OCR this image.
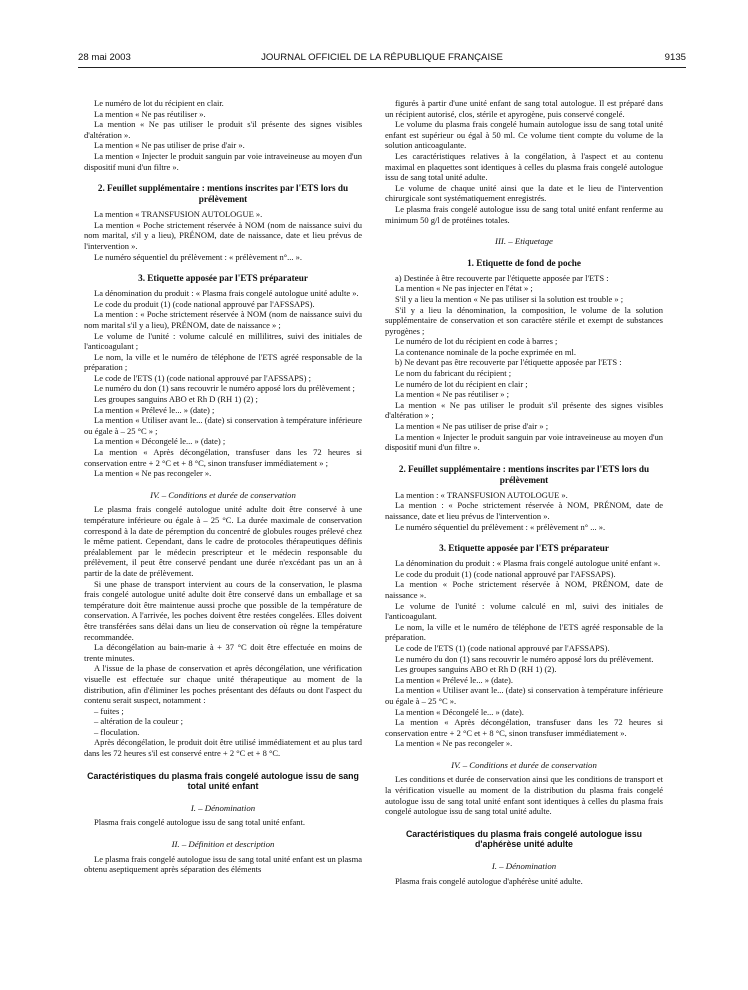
28 mai 2003	JOURNAL OFFICIEL DE LA RÉPUBLIQUE FRANÇAISE	9135

Le numéro de lot du récipient en clair.

La mention « Ne pas réutiliser ».

La mention « Ne pas utiliser le produit s'il présente des signes visibles d'altération ».

La mention « Ne pas utiliser de prise d'air ».

La mention « Injecter le produit sanguin par voie intraveineuse au moyen d'un dispositif muni d'un filtre ».

2. Feuillet supplémentaire : mentions inscrites par l'ETS lors du prélèvement

La mention « TRANSFUSION AUTOLOGUE ».

La mention « Poche strictement réservée à NOM (nom de naissance suivi du nom marital, s'il y a lieu), PRÉNOM, date de naissance, date et lieu prévus de l'intervention ».

Le numéro séquentiel du prélèvement : « prélèvement n°... ».

3. Etiquette apposée par l'ETS préparateur

La dénomination du produit : « Plasma frais congelé autologue unité adulte ».

Le code du produit (1) (code national approuvé par l'AFSSAPS).

La mention : « Poche strictement réservée à NOM (nom de naissance suivi du nom marital s'il y a lieu), PRÉNOM, date de naissance » ;

Le volume de l'unité : volume calculé en millilitres, suivi des initiales de l'anticoagulant ;

Le nom, la ville et le numéro de téléphone de l'ETS agréé responsable de la préparation ;

Le code de l'ETS (1) (code national approuvé par l'AFSSAPS) ;

Le numéro du don (1) sans recouvrir le numéro apposé lors du prélèvement ;

Les groupes sanguins ABO et Rh D (RH 1) (2) ;

La mention « Prélevé le... » (date) ;

La mention « Utiliser avant le... (date) si conservation à température inférieure ou égale à – 25 °C » ;

La mention « Décongelé le... » (date) ;

La mention « Après décongélation, transfuser dans les 72 heures si conservation entre + 2 °C et + 8 °C, sinon transfuser immédiatement » ;

La mention « Ne pas recongeler ».

IV. – Conditions et durée de conservation

Le plasma frais congelé autologue unité adulte doit être conservé à une température inférieure ou égale à – 25 °C. La durée maximale de conservation correspond à la date de péremption du concentré de globules rouges prélevé chez le même patient. Cependant, dans le cadre de protocoles thérapeutiques définis préalablement par le médecin prescripteur et le médecin responsable du prélèvement, il peut être conservé pendant une durée n'excédant pas un an à partir de la date de prélèvement.

Si une phase de transport intervient au cours de la conservation, le plasma frais congelé autologue unité adulte doit être conservé dans un emballage et sa température doit être maintenue aussi proche que possible de la température de conservation. A l'arrivée, les poches doivent être restées congelées. Elles doivent être transférées sans délai dans un lieu de conservation où règne la température recommandée.

La décongélation au bain-marie à + 37 °C doit être effectuée en moins de trente minutes.

A l'issue de la phase de conservation et après décongélation, une vérification visuelle est effectuée sur chaque unité thérapeutique au moment de la distribution, afin d'éliminer les poches présentant des défauts ou dont l'aspect du contenu serait suspect, notamment :

– fuites ;
– altération de la couleur ;
– floculation.

Après décongélation, le produit doit être utilisé immédiatement et au plus tard dans les 72 heures s'il est conservé entre + 2 °C et + 8 °C.

Caractéristiques du plasma frais congelé autologue issu de sang total unité enfant
I. – Dénomination

Plasma frais congelé autologue issu de sang total unité enfant.

II. – Définition et description

Le plasma frais congelé autologue issu de sang total unité enfant est un plasma obtenu aseptiquement après séparation des éléments

figurés à partir d'une unité enfant de sang total autologue. Il est préparé dans un récipient autorisé, clos, stérile et apyrogène, puis conservé congelé.

Le volume du plasma frais congelé humain autologue issu de sang total unité enfant est supérieur ou égal à 50 ml. Ce volume tient compte du volume de la solution anticoagulante.

Les caractéristiques relatives à la congélation, à l'aspect et au contenu maximal en plaquettes sont identiques à celles du plasma frais congelé autologue issu de sang total unité adulte.

Le volume de chaque unité ainsi que la date et le lieu de l'intervention chirurgicale sont systématiquement enregistrés.

Le plasma frais congelé autologue issu de sang total unité enfant renferme au minimum 50 g/l de protéines totales.

III. – Etiquetage
1. Etiquette de fond de poche

a) Destinée à être recouverte par l'étiquette apposée par l'ETS :

La mention « Ne pas injecter en l'état » ;

S'il y a lieu la mention « Ne pas utiliser si la solution est trouble » ;

S'il y a lieu la dénomination, la composition, le volume de la solution supplémentaire de conservation et son caractère stérile et exempt de substances pyrogènes ;

Le numéro de lot du récipient en code à barres ;

La contenance nominale de la poche exprimée en ml.

b) Ne devant pas être recouverte par l'étiquette apposée par l'ETS :

Le nom du fabricant du récipient ;

Le numéro de lot du récipient en clair ;

La mention « Ne pas réutiliser » ;

La mention « Ne pas utiliser le produit s'il présente des signes visibles d'altération » ;

La mention « Ne pas utiliser de prise d'air » ;

La mention « Injecter le produit sanguin par voie intraveineuse au moyen d'un dispositif muni d'un filtre ».

2. Feuillet supplémentaire : mentions inscrites par l'ETS lors du prélèvement

La mention : « TRANSFUSION AUTOLOGUE ».

La mention : « Poche strictement réservée à NOM, PRÉNOM, date de naissance, date et lieu prévus de l'intervention ».

Le numéro séquentiel du prélèvement : « prélèvement n° ... ».

3. Etiquette apposée par l'ETS préparateur

La dénomination du produit : « Plasma frais congelé autologue unité enfant ».

Le code du produit (1) (code national approuvé par l'AFSSAPS).

La mention « Poche strictement réservée à NOM, PRÉNOM, date de naissance ».

Le volume de l'unité : volume calculé en ml, suivi des initiales de l'anticoagulant.

Le nom, la ville et le numéro de téléphone de l'ETS agréé responsable de la préparation.

Le code de l'ETS (1) (code national approuvé par l'AFSSAPS).

Le numéro du don (1) sans recouvrir le numéro apposé lors du prélèvement.

Les groupes sanguins ABO et Rh D (RH 1) (2).

La mention « Prélevé le... » (date).

La mention « Utiliser avant le... (date) si conservation à température inférieure ou égale à – 25 °C ».

La mention « Décongelé le... » (date).

La mention « Après décongélation, transfuser dans les 72 heures si conservation entre + 2 °C et + 8 °C, sinon transfuser immédiatement ».

La mention « Ne pas recongeler ».

IV. – Conditions et durée de conservation

Les conditions et durée de conservation ainsi que les conditions de transport et la vérification visuelle au moment de la distribution du plasma frais congelé autologue issu de sang total unité enfant sont identiques à celles du plasma frais congelé autologue issu de sang total unité adulte.

Caractéristiques du plasma frais congelé autologue issu d'aphérèse unité adulte
I. – Dénomination

Plasma frais congelé autologue d'aphérèse unité adulte.
